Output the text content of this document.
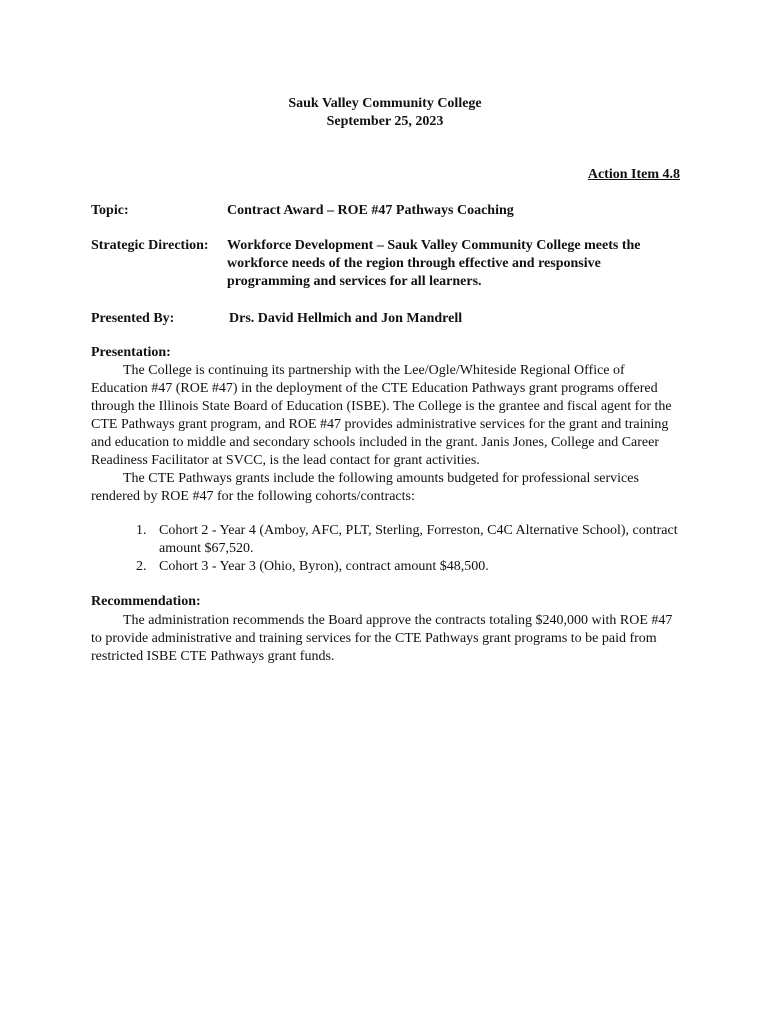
Sauk Valley Community College
September 25, 2023
Action Item 4.8
Topic:	Contract Award – ROE #47 Pathways Coaching
Strategic Direction: Workforce Development – Sauk Valley Community College meets the workforce needs of the region through effective and responsive programming and services for all learners.
Presented By:	Drs. David Hellmich and Jon Mandrell
Presentation:

The College is continuing its partnership with the Lee/Ogle/Whiteside Regional Office of Education #47 (ROE #47) in the deployment of the CTE Education Pathways grant programs offered through the Illinois State Board of Education (ISBE). The College is the grantee and fiscal agent for the CTE Pathways grant program, and ROE #47 provides administrative services for the grant and training and education to middle and secondary schools included in the grant. Janis Jones, College and Career Readiness Facilitator at SVCC, is the lead contact for grant activities.

The CTE Pathways grants include the following amounts budgeted for professional services rendered by ROE #47 for the following cohorts/contracts:

1. Cohort 2 - Year 4 (Amboy, AFC, PLT, Sterling, Forreston, C4C Alternative School), contract amount $67,520.
2. Cohort 3 - Year 3 (Ohio, Byron), contract amount $48,500.
Recommendation:

The administration recommends the Board approve the contracts totaling $240,000 with ROE #47 to provide administrative and training services for the CTE Pathways grant programs to be paid from restricted ISBE CTE Pathways grant funds.
